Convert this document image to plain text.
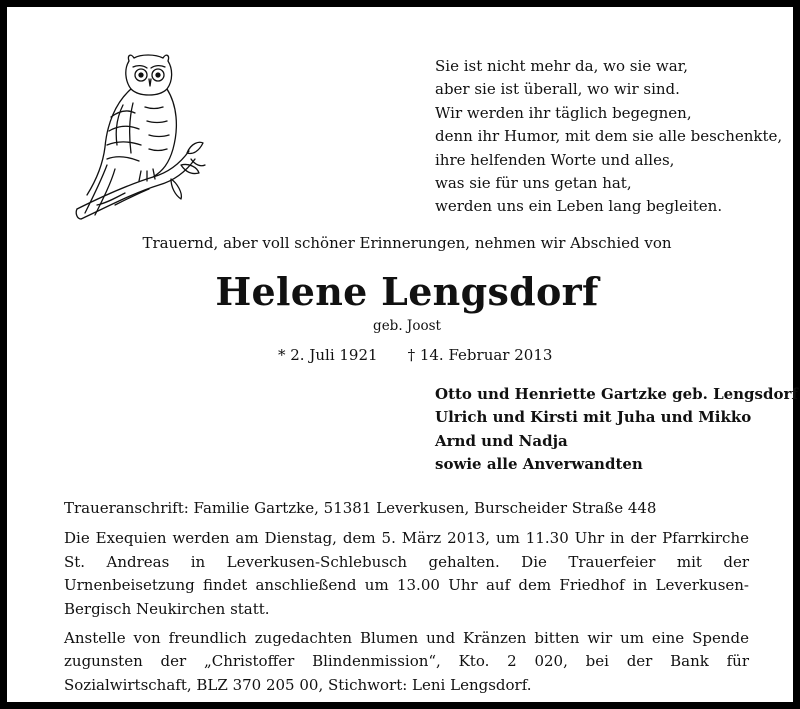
Sie ist nicht mehr da, wo sie war,
aber sie ist überall, wo wir sind.
Wir werden ihr täglich begegnen,
denn ihr Humor, mit dem sie alle beschenkte,
ihre helfenden Worte und alles,
was sie für uns getan hat,
werden uns ein Leben lang begleiten.
Trauernd, aber voll schöner Erinnerungen, nehmen wir Abschied von
Helene Lengsdorf
geb. Joost
* 2. Juli 1921 † 14. Februar 2013
Otto und Henriette Gartzke geb. Lengsdorf
Ulrich und Kirsti mit Juha und Mikko
Arnd und Nadja
sowie alle Anverwandten

Traueranschrift: Familie Gartzke, 51381 Leverkusen, Burscheider Straße 448

Die Exequien werden am Dienstag, dem 5. März 2013, um 11.30 Uhr in der Pfarrkirche St. Andreas in Leverkusen-Schlebusch gehalten. Die Trauerfeier mit der Urnenbeisetzung findet anschließend um 13.00 Uhr auf dem Friedhof in Leverkusen-Bergisch Neukirchen statt.

Anstelle von freundlich zugedachten Blumen und Kränzen bitten wir um eine Spende zugunsten der „Christoffer Blindenmission“, Kto. 2 020, bei der Bank für Sozialwirtschaft, BLZ 370 205 00, Stichwort: Leni Lengsdorf.
